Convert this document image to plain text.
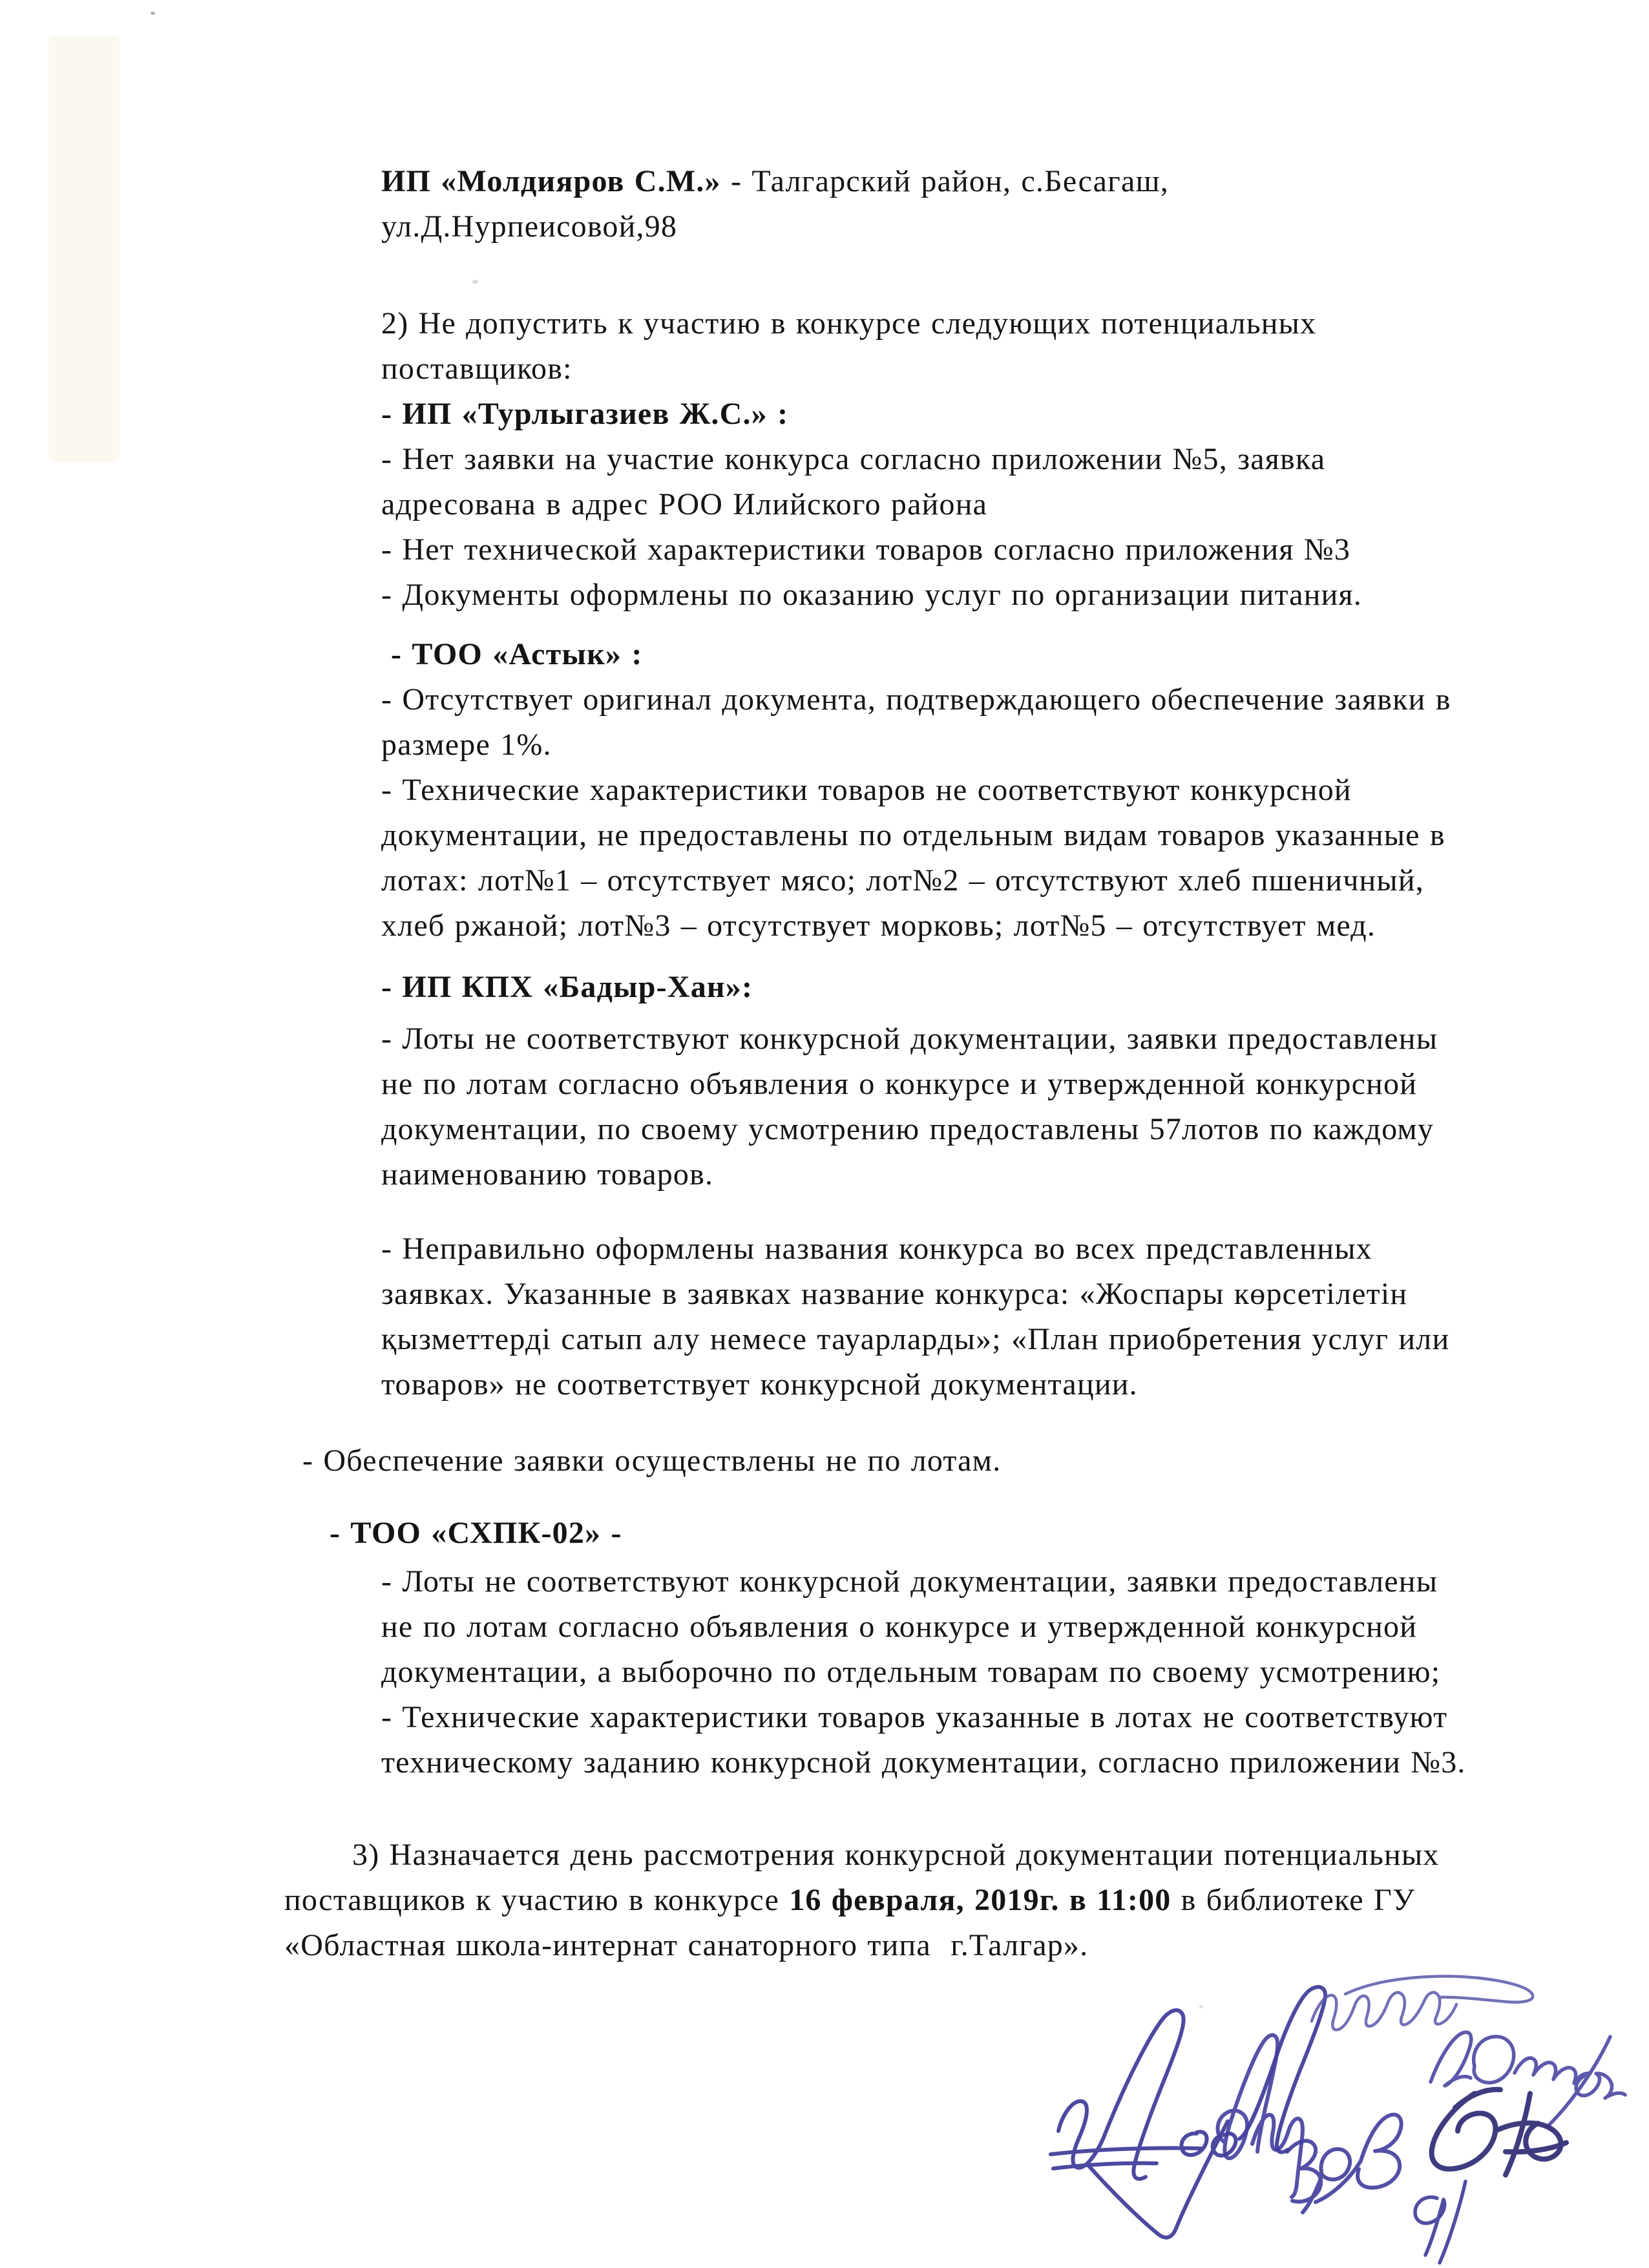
ИП «Молдияров С.М.» - Талгарский район, с.Бесагаш,
ул.Д.Нурпеисовой,98
2) Не допустить к участию в конкурсе следующих потенциальных
поставщиков:
- ИП «Турлыгазиев Ж.С.» :
- Нет заявки на участие конкурса согласно приложении №5, заявка
адресована в адрес РОО Илийского района
- Нет технической характеристики товаров согласно приложения №3
- Документы оформлены по оказанию услуг по организации питания.
- ТОО «Астык» :
- Отсутствует оригинал документа, подтверждающего обеспечение заявки в
размере 1%.
- Технические характеристики товаров не соответствуют конкурсной
документации, не предоставлены по отдельным видам товаров указанные в
лотах: лот№1 – отсутствует мясо; лот№2 – отсутствуют хлеб пшеничный,
хлеб ржаной; лот№3 – отсутствует морковь; лот№5 – отсутствует мед.
- ИП КПХ «Бадыр-Хан»:
- Лоты не соответствуют конкурсной документации, заявки предоставлены
не по лотам согласно объявления о конкурсе и утвержденной конкурсной
документации, по своему усмотрению предоставлены 57лотов по каждому
наименованию товаров.
- Неправильно оформлены названия конкурса во всех представленных
заявках. Указанные в заявках название конкурса: «Жоспары көрсетілетін
қызметтерді сатып алу немесе тауарларды»; «План приобретения услуг или
товаров» не соответствует конкурсной документации.
- Обеспечение заявки осуществлены не по лотам.
- ТОО «СХПК-02» -
- Лоты не соответствуют конкурсной документации, заявки предоставлены
не по лотам согласно объявления о конкурсе и утвержденной конкурсной
документации, а выборочно по отдельным товарам по своему усмотрению;
- Технические характеристики товаров указанные в лотах не соответствуют
техническому заданию конкурсной документации, согласно приложении №3.
3) Назначается день рассмотрения конкурсной документации потенциальных
поставщиков к участию в конкурсе 16 февраля, 2019г. в 11:00 в библиотеке ГУ
«Областная школа-интернат санаторного типа  г.Талгар».
